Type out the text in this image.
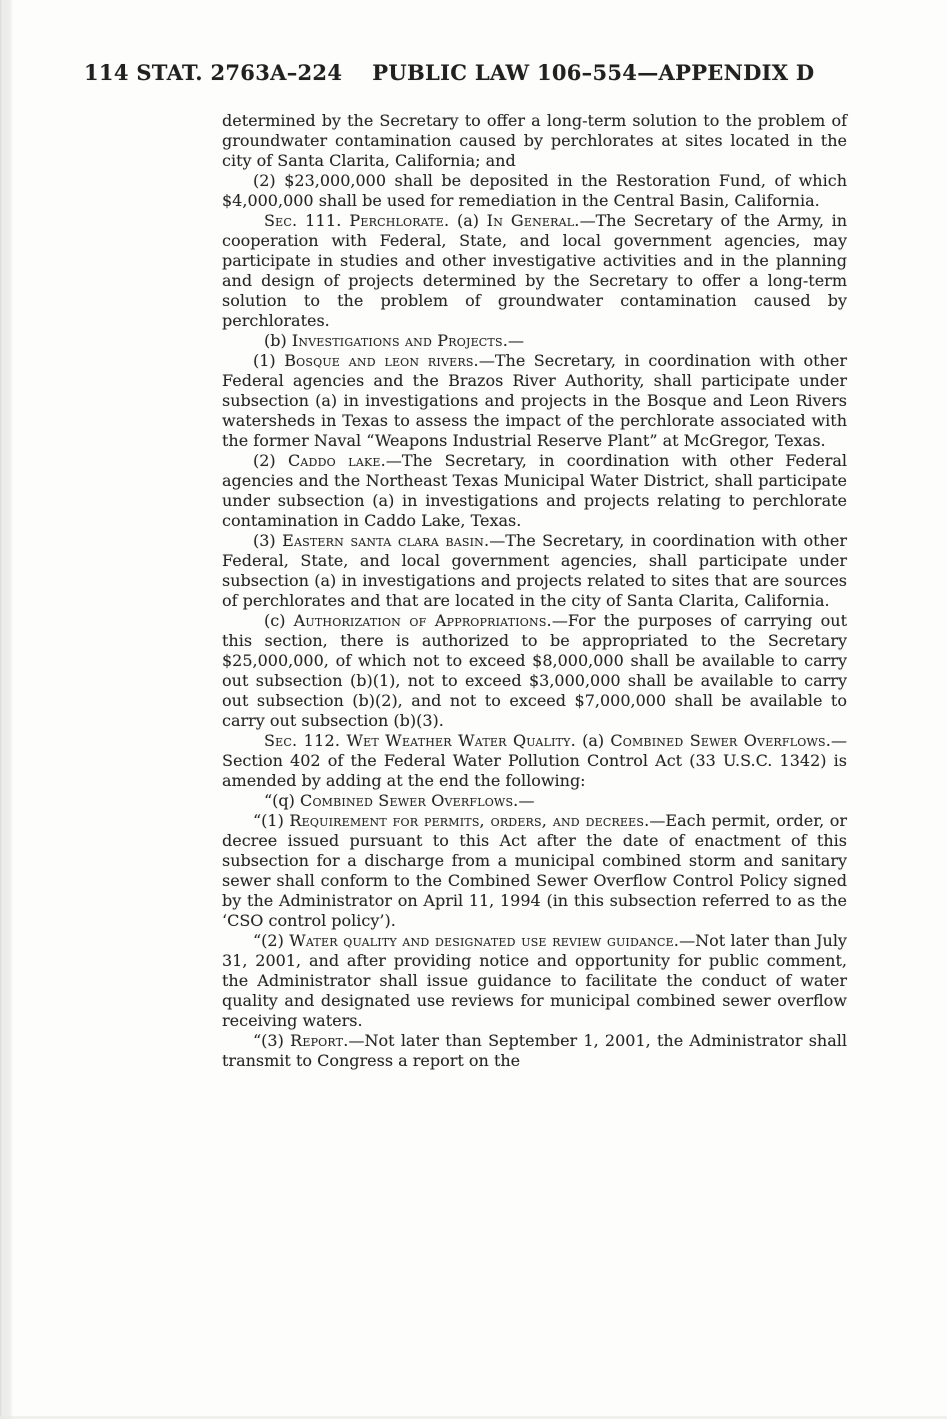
114 STAT. 2763A–224 PUBLIC LAW 106–554—APPENDIX D

determined by the Secretary to offer a long-term solution to the problem of groundwater contamination caused by perchlorates at sites located in the city of Santa Clarita, California; and

(2) $23,000,000 shall be deposited in the Restoration Fund, of which $4,000,000 shall be used for remediation in the Central Basin, California.

Sec. 111. Perchlorate. (a) In General.—The Secretary of the Army, in cooperation with Federal, State, and local government agencies, may participate in studies and other investigative activities and in the planning and design of projects determined by the Secretary to offer a long-term solution to the problem of groundwater contamination caused by perchlorates.

(b) Investigations and Projects.—

(1) Bosque and leon rivers.—The Secretary, in coordination with other Federal agencies and the Brazos River Authority, shall participate under subsection (a) in investigations and projects in the Bosque and Leon Rivers watersheds in Texas to assess the impact of the perchlorate associated with the former Naval “Weapons Industrial Reserve Plant” at McGregor, Texas.

(2) Caddo lake.—The Secretary, in coordination with other Federal agencies and the Northeast Texas Municipal Water District, shall participate under subsection (a) in investigations and projects relating to perchlorate contamination in Caddo Lake, Texas.

(3) Eastern santa clara basin.—The Secretary, in coordination with other Federal, State, and local government agencies, shall participate under subsection (a) in investigations and projects related to sites that are sources of perchlorates and that are located in the city of Santa Clarita, California.

(c) Authorization of Appropriations.—For the purposes of carrying out this section, there is authorized to be appropriated to the Secretary $25,000,000, of which not to exceed $8,000,000 shall be available to carry out subsection (b)(1), not to exceed $3,000,000 shall be available to carry out subsection (b)(2), and not to exceed $7,000,000 shall be available to carry out subsection (b)(3).

Sec. 112. Wet Weather Water Quality. (a) Combined Sewer Overflows.—Section 402 of the Federal Water Pollution Control Act (33 U.S.C. 1342) is amended by adding at the end the following:

“(q) Combined Sewer Overflows.—

“(1) Requirement for permits, orders, and decrees.—Each permit, order, or decree issued pursuant to this Act after the date of enactment of this subsection for a discharge from a municipal combined storm and sanitary sewer shall conform to the Combined Sewer Overflow Control Policy signed by the Administrator on April 11, 1994 (in this subsection referred to as the ‘CSO control policy’).

“(2) Water quality and designated use review guidance.—Not later than July 31, 2001, and after providing notice and opportunity for public comment, the Administrator shall issue guidance to facilitate the conduct of water quality and designated use reviews for municipal combined sewer overflow receiving waters.

“(3) Report.—Not later than September 1, 2001, the Administrator shall transmit to Congress a report on the
